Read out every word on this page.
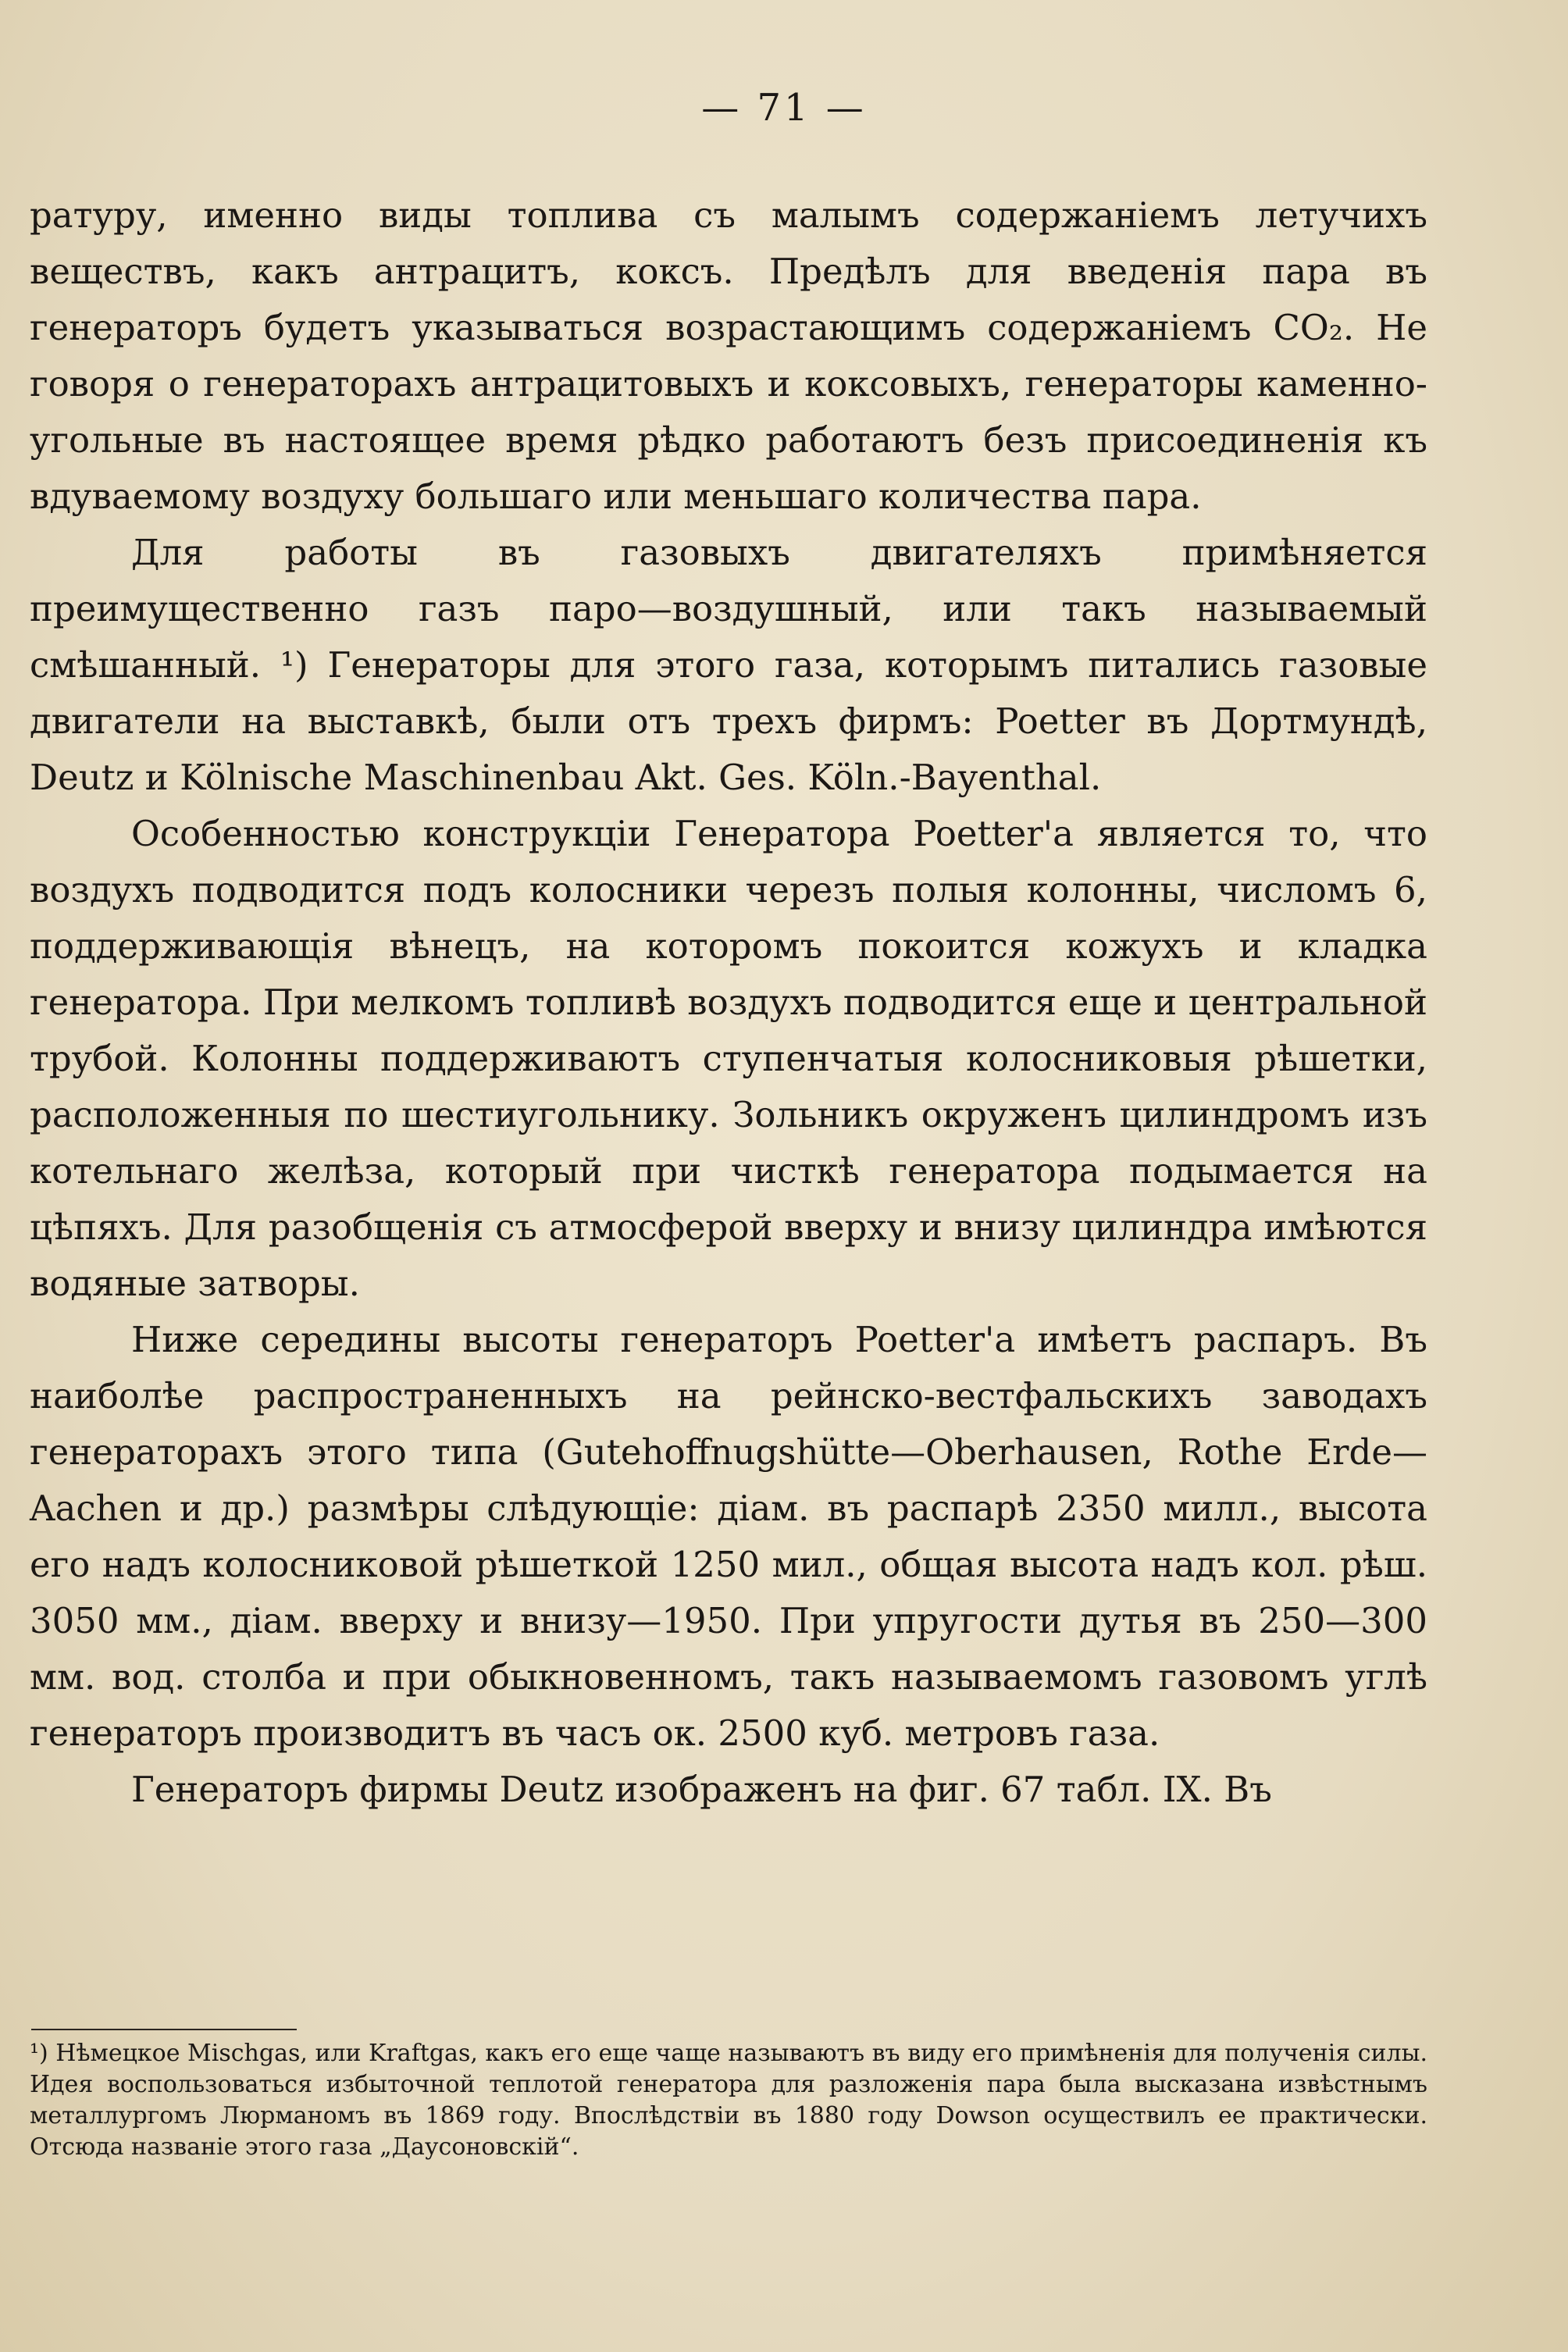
— 71 —

ратуру, именно виды топлива съ малымъ содержаніемъ летучихъ веществъ, какъ антрацитъ, коксъ. Предѣлъ для введенія пара въ генераторъ будетъ указываться возрастающимъ содержаніемъ CO₂. Не говоря о генераторахъ антрацитовыхъ и коксовыхъ, генераторы каменно-угольные въ настоящее время рѣдко работаютъ безъ присоединенія къ вдуваемому воздуху большаго или меньшаго количества пара.

Для работы въ газовыхъ двигателяхъ примѣняется преимущественно газъ паро—воздушный, или такъ называемый смѣшанный. ¹) Генераторы для этого газа, которымъ питались газовые двигатели на выставкѣ, были отъ трехъ фирмъ: Poetter въ Дортмундѣ, Deutz и Kölnische Maschinenbau Akt. Ges. Köln.-Bayenthal.

Особенностью конструкціи Генератора Poetter'а является то, что воздухъ подводится подъ колосники черезъ полыя колонны, числомъ 6, поддерживающія вѣнецъ, на которомъ покоится кожухъ и кладка генератора. При мелкомъ топливѣ воздухъ подводится еще и центральной трубой. Колонны поддерживаютъ ступенчатыя колосниковыя рѣшетки, расположенныя по шестиугольнику. Зольникъ окруженъ цилиндромъ изъ котельнаго желѣза, который при чисткѣ генератора подымается на цѣпяхъ. Для разобщенія съ атмосферой вверху и внизу цилиндра имѣются водяные затворы.

Ниже середины высоты генераторъ Poetter'а имѣетъ распаръ. Въ наиболѣе распространенныхъ на рейнско-вестфальскихъ заводахъ генераторахъ этого типа (Gutehoffnugshütte—Oberhausen, Rothe Erde—Aachen и др.) размѣры слѣдующіе: діам. въ распарѣ 2350 милл., высота его надъ колосниковой рѣшеткой 1250 мил., общая высота надъ кол. рѣш. 3050 мм., діам. вверху и внизу—1950. При упругости дутья въ 250—300 мм. вод. столба и при обыкновенномъ, такъ называемомъ газовомъ углѣ генераторъ производитъ въ часъ ок. 2500 куб. метровъ газа.

Генераторъ фирмы Deutz изображенъ на фиг. 67 табл. IX. Въ

¹) Нѣмецкое Mischgas, или Kraftgas, какъ его еще чаще называютъ въ виду его примѣненія для полученія силы. Идея воспользоваться избыточной теплотой генератора для разложенія пара была высказана извѣстнымъ металлургомъ Люрманомъ въ 1869 году. Впослѣдствіи въ 1880 году Dowson осуществилъ ее практически. Отсюда названіе этого газа „Даусоновскій“.
